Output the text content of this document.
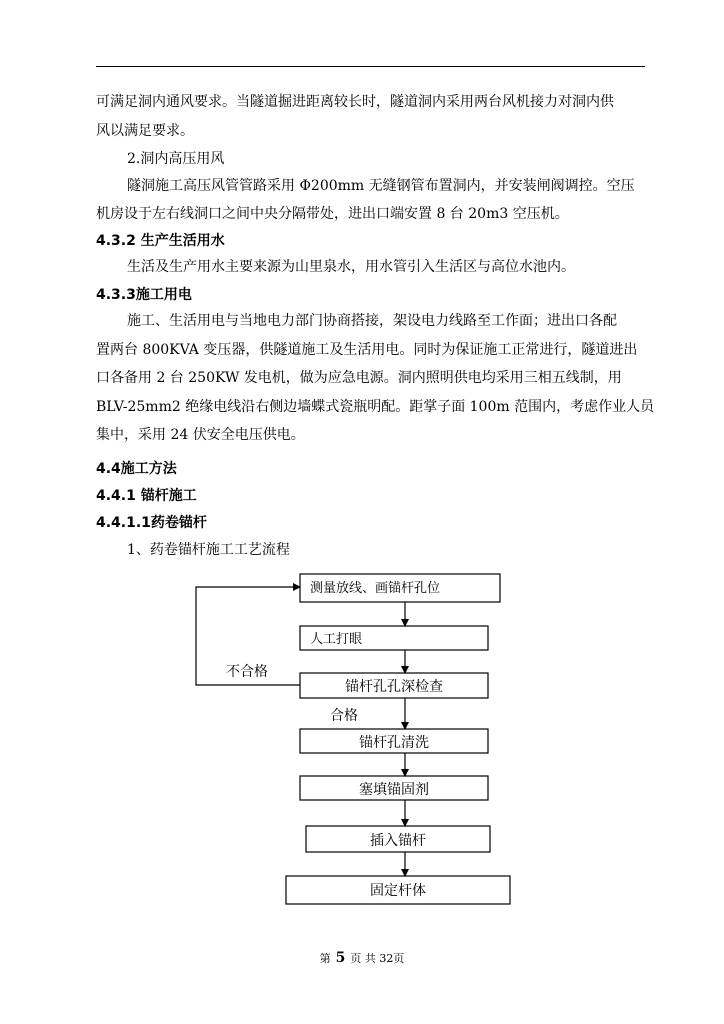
可满足洞内通风要求。当隧道掘进距离较长时，隧道洞内采用两台风机接力对洞内供
风以满足要求。
2.洞内高压用风
隧洞施工高压风管管路采用 Φ200mm 无缝钢管布置洞内，并安装闸阀调控。空压
机房设于左右线洞口之间中央分隔带处，进出口端安置 8 台 20m3 空压机。
4.3.2 生产生活用水
生活及生产用水主要来源为山里泉水，用水管引入生活区与高位水池内。
4.3.3施工用电
施工、生活用电与当地电力部门协商搭接，架设电力线路至工作面；进出口各配
置两台 800KVA 变压器，供隧道施工及生活用电。同时为保证施工正常进行，隧道进出
口各备用 2 台 250KW 发电机，做为应急电源。洞内照明供电均采用三相五线制，用
BLV-25mm2 绝缘电线沿右侧边墙蝶式瓷瓶明配。距掌子面 100m 范围内，考虑作业人员
集中，采用 24 伏安全电压供电。
4.4施工方法
4.4.1 锚杆施工
4.4.1.1药卷锚杆
1、药卷锚杆施工工艺流程
测量放线、画锚杆孔位
人工打眼
锚杆孔孔深检查
锚杆孔清洗
塞填锚固剂
插入锚杆
固定杆体
不合格
合格
第 5 页 共 32页
